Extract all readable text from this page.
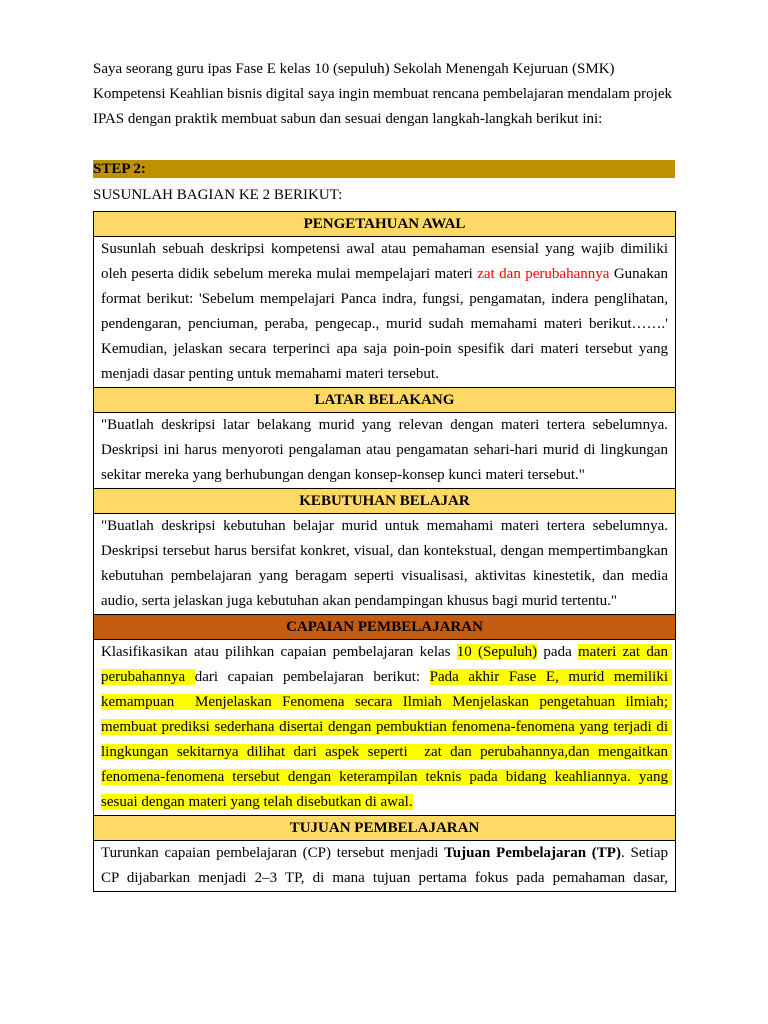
Saya seorang guru ipas Fase E kelas 10 (sepuluh) Sekolah Menengah Kejuruan (SMK) Kompetensi Keahlian bisnis digital saya ingin membuat rencana pembelajaran mendalam projek IPAS dengan praktik membuat sabun dan sesuai dengan langkah-langkah berikut ini:

STEP 2:

SUSUNLAH BAGIAN KE 2 BERIKUT:

PENGETAHUAN AWAL
Susunlah sebuah deskripsi kompetensi awal atau pemahaman esensial yang wajib dimiliki oleh peserta didik sebelum mereka mulai mempelajari materi zat dan perubahannya Gunakan format berikut: 'Sebelum mempelajari Panca indra, fungsi, pengamatan, indera penglihatan, pendengaran, penciuman, peraba, pengecap., murid sudah memahami materi berikut…….' Kemudian, jelaskan secara terperinci apa saja poin-poin spesifik dari materi tersebut yang menjadi dasar penting untuk memahami materi tersebut.
LATAR BELAKANG
"Buatlah deskripsi latar belakang murid yang relevan dengan materi tertera sebelumnya. Deskripsi ini harus menyoroti pengalaman atau pengamatan sehari-hari murid di lingkungan sekitar mereka yang berhubungan dengan konsep-konsep kunci materi tersebut."
KEBUTUHAN BELAJAR
"Buatlah deskripsi kebutuhan belajar murid untuk memahami materi tertera sebelumnya. Deskripsi tersebut harus bersifat konkret, visual, dan kontekstual, dengan mempertimbangkan kebutuhan pembelajaran yang beragam seperti visualisasi, aktivitas kinestetik, dan media audio, serta jelaskan juga kebutuhan akan pendampingan khusus bagi murid tertentu."
CAPAIAN PEMBELAJARAN
Klasifikasikan atau pilihkan capaian pembelajaran kelas 10 (Sepuluh) pada materi zat dan perubahannya dari capaian pembelajaran berikut: Pada akhir Fase E, murid memiliki kemampuan  Menjelaskan Fenomena secara Ilmiah Menjelaskan pengetahuan ilmiah; membuat prediksi sederhana disertai dengan pembuktian fenomena-fenomena yang terjadi di lingkungan sekitarnya dilihat dari aspek seperti  zat dan perubahannya,dan mengaitkan fenomena-fenomena tersebut dengan keterampilan teknis pada bidang keahliannya. yang sesuai dengan materi yang telah disebutkan di awal.
TUJUAN PEMBELAJARAN
Turunkan capaian pembelajaran (CP) tersebut menjadi Tujuan Pembelajaran (TP). Setiap CP dijabarkan menjadi 2–3 TP, di mana tujuan pertama fokus pada pemahaman dasar,
